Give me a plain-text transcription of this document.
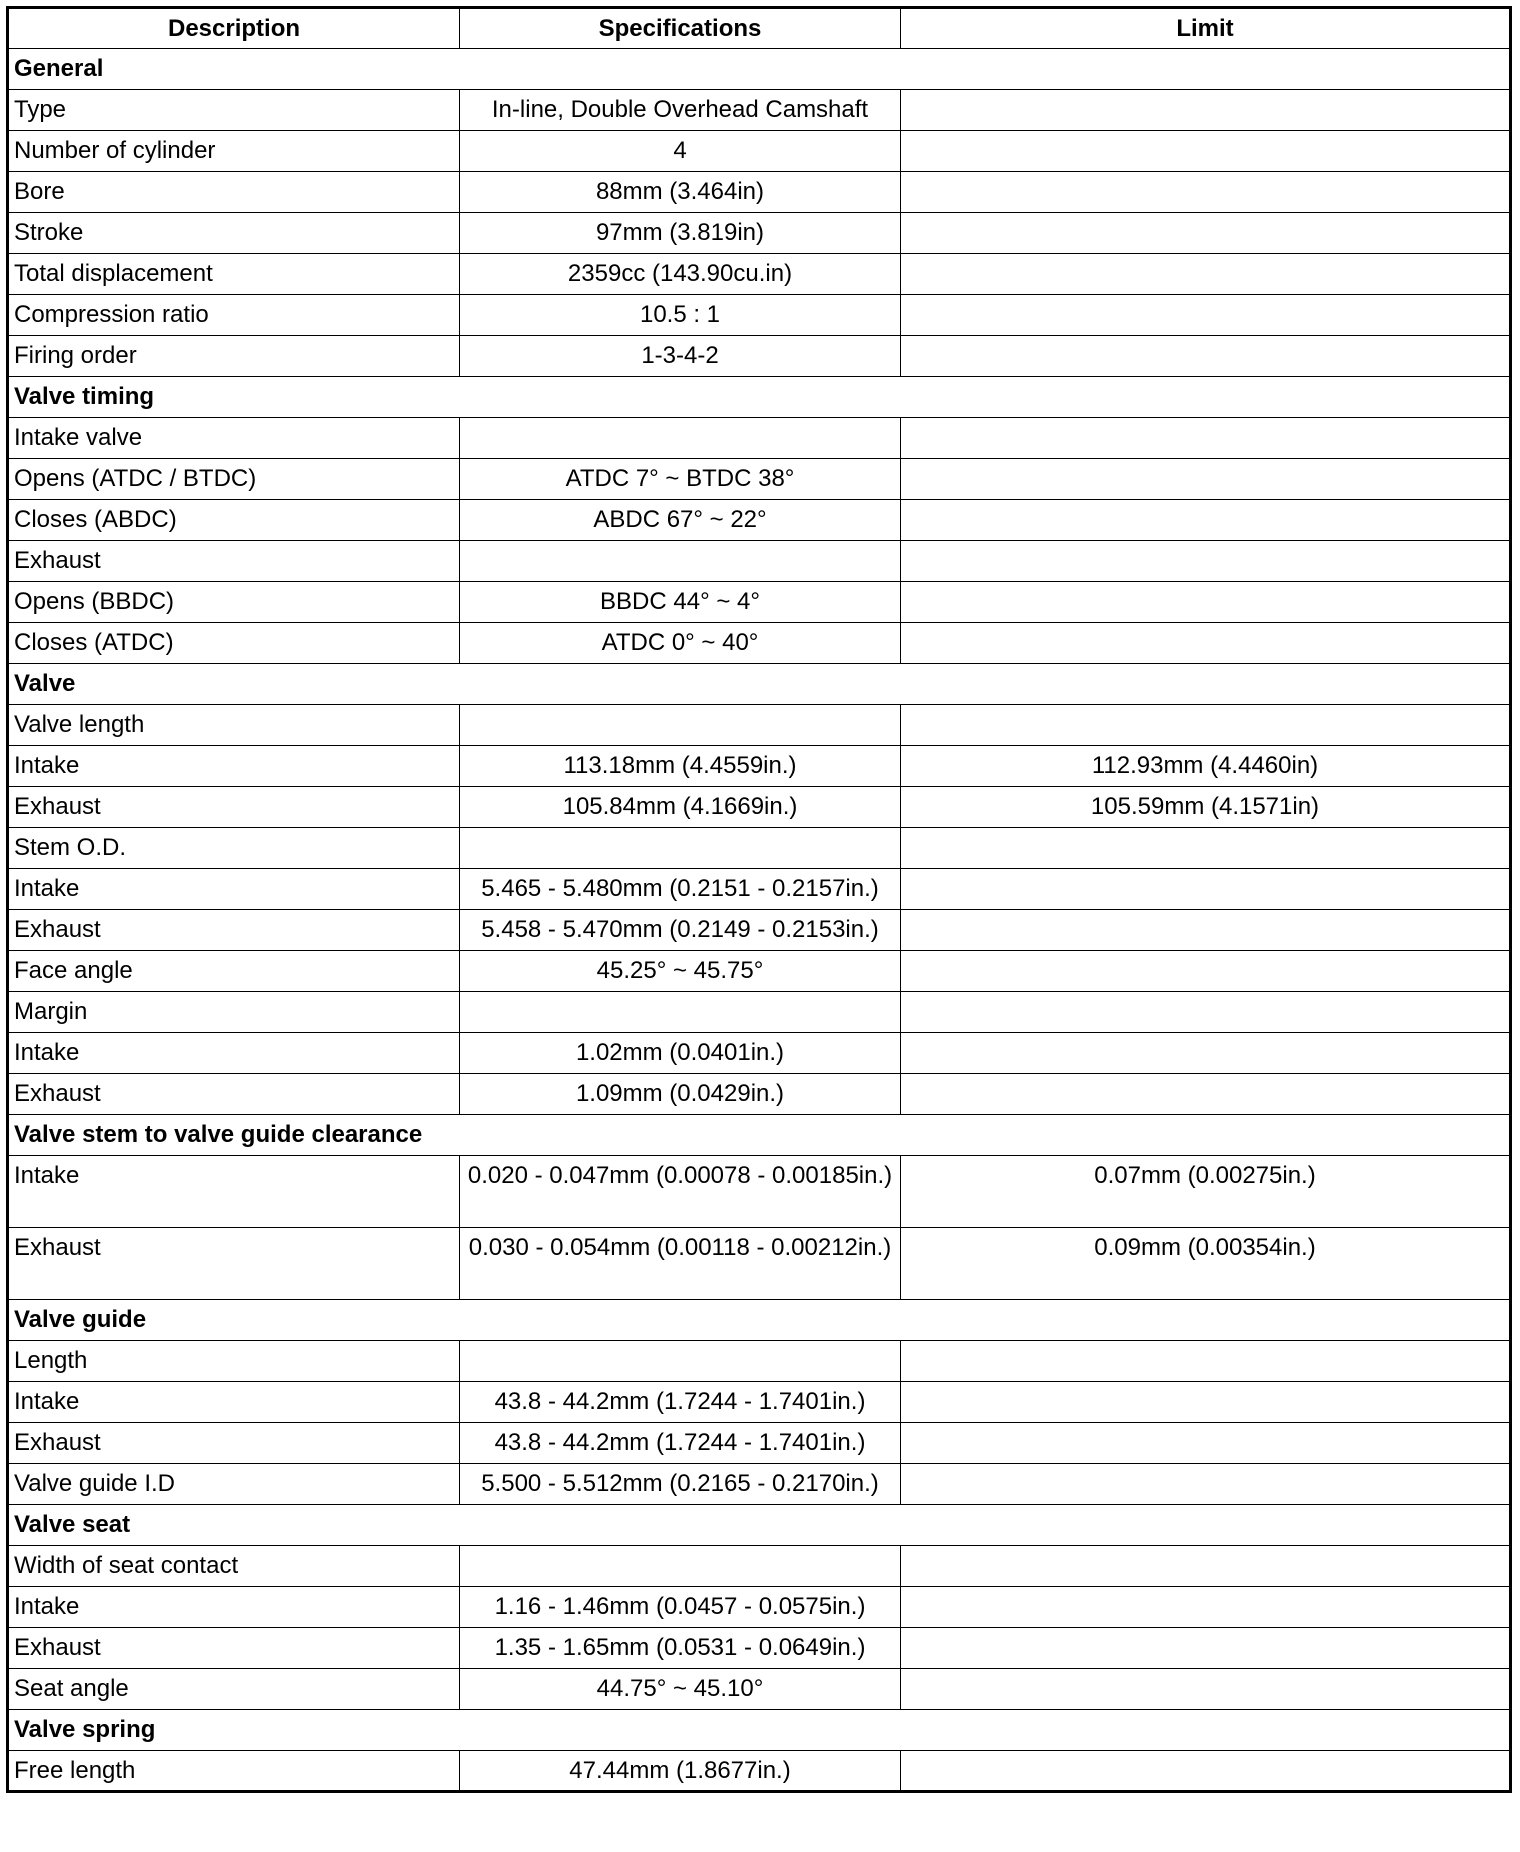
Description	Specifications	Limit
General		
Type	In-line, Double Overhead Camshaft	
Number of cylinder	4	
Bore	88mm (3.464in)	
Stroke	97mm (3.819in)	
Total displacement	2359cc (143.90cu.in)	
Compression ratio	10.5 : 1	
Firing order	1-3-4-2	
Valve timing		
Intake valve		
Opens (ATDC / BTDC)	ATDC 7° ~ BTDC 38°	
Closes (ABDC)	ABDC 67° ~ 22°	
Exhaust		
Opens (BBDC)	BBDC 44° ~ 4°	
Closes (ATDC)	ATDC 0° ~ 40°	
Valve		
Valve length		
Intake	113.18mm (4.4559in.)	112.93mm (4.4460in)
Exhaust	105.84mm (4.1669in.)	105.59mm (4.1571in)
Stem O.D.		
Intake	5.465 - 5.480mm (0.2151 - 0.2157in.)	
Exhaust	5.458 - 5.470mm (0.2149 - 0.2153in.)	
Face angle	45.25° ~ 45.75°	
Margin		
Intake	1.02mm (0.0401in.)	
Exhaust	1.09mm (0.0429in.)	
Valve stem to valve guide clearance		
Intake	0.020 - 0.047mm (0.00078 - 0.00185in.)	0.07mm (0.00275in.)
Exhaust	0.030 - 0.054mm (0.00118 - 0.00212in.)	0.09mm (0.00354in.)
Valve guide		
Length		
Intake	43.8 - 44.2mm (1.7244 - 1.7401in.)	
Exhaust	43.8 - 44.2mm (1.7244 - 1.7401in.)	
Valve guide I.D	5.500 - 5.512mm (0.2165 - 0.2170in.)	
Valve seat		
Width of seat contact		
Intake	1.16 - 1.46mm (0.0457 - 0.0575in.)	
Exhaust	1.35 - 1.65mm (0.0531 - 0.0649in.)	
Seat angle	44.75° ~ 45.10°	
Valve spring		
Free length	47.44mm (1.8677in.)	
